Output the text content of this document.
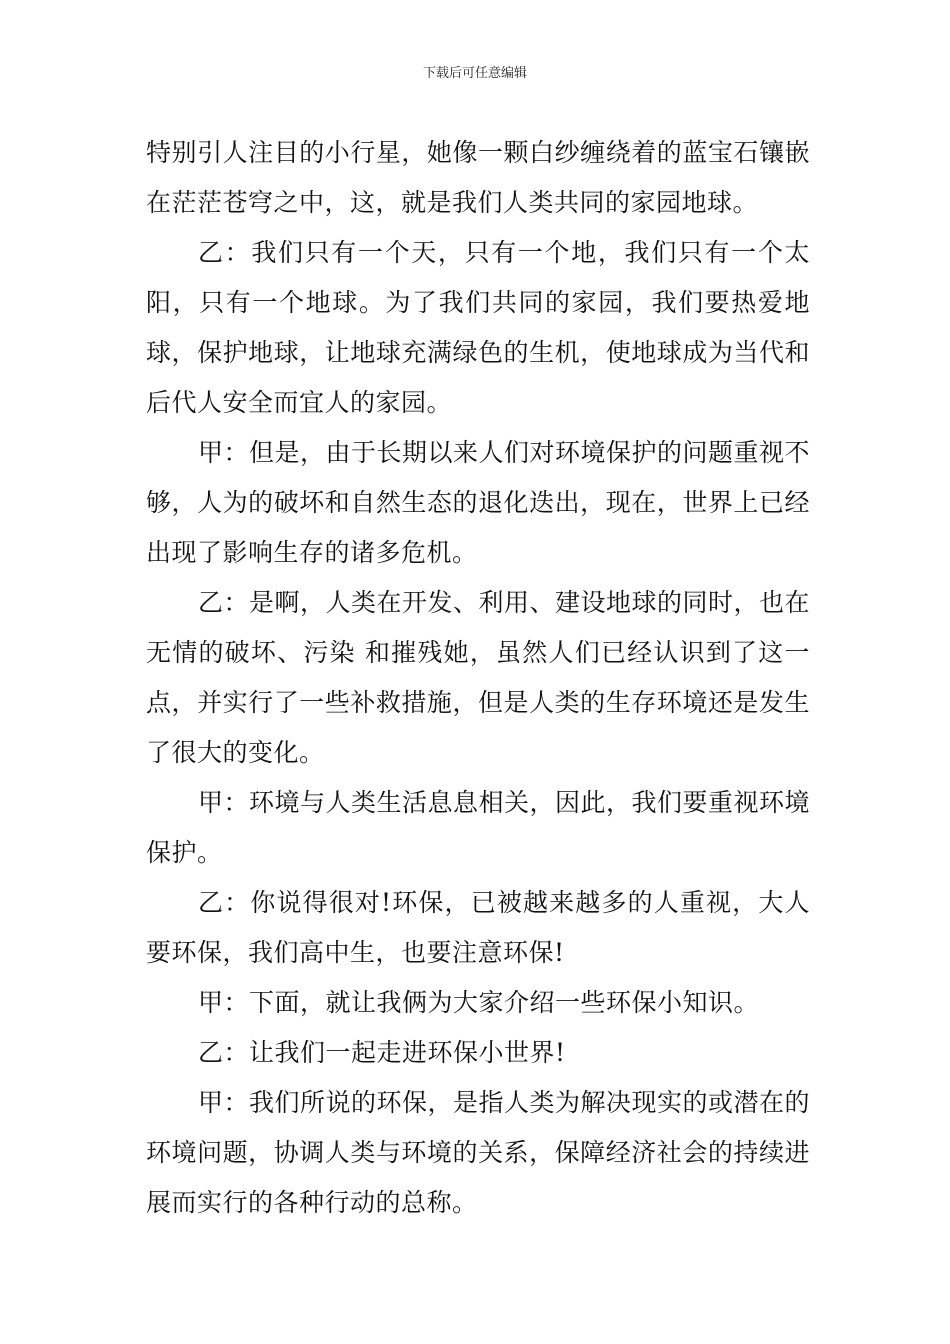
下载后可任意编辑

特别引人注目的小行星，她像一颗白纱缠绕着的蓝宝石镶嵌在茫茫苍穹之中，这，就是我们人类共同的家园地球。

乙：我们只有一个天，只有一个地，我们只有一个太阳，只有一个地球。为了我们共同的家园，我们要热爱地球，保护地球，让地球充满绿色的生机，使地球成为当代和后代人安全而宜人的家园。

甲：但是，由于长期以来人们对环境保护的问题重视不够，人为的破坏和自然生态的退化迭出，现在，世界上已经出现了影响生存的诸多危机。

乙：是啊，人类在开发、利用、建设地球的同时，也在无情的破坏、污染 和摧残她，虽然人们已经认识到了这一点，并实行了一些补救措施，但是人类的生存环境还是发生了很大的变化。

甲：环境与人类生活息息相关，因此，我们要重视环境保护。

乙：你说得很对!环保，已被越来越多的人重视，大人要环保，我们高中生，也要注意环保!

甲：下面，就让我俩为大家介绍一些环保小知识。

乙：让我们一起走进环保小世界!

甲：我们所说的环保，是指人类为解决现实的或潜在的环境问题，协调人类与环境的关系，保障经济社会的持续进展而实行的各种行动的总称。
